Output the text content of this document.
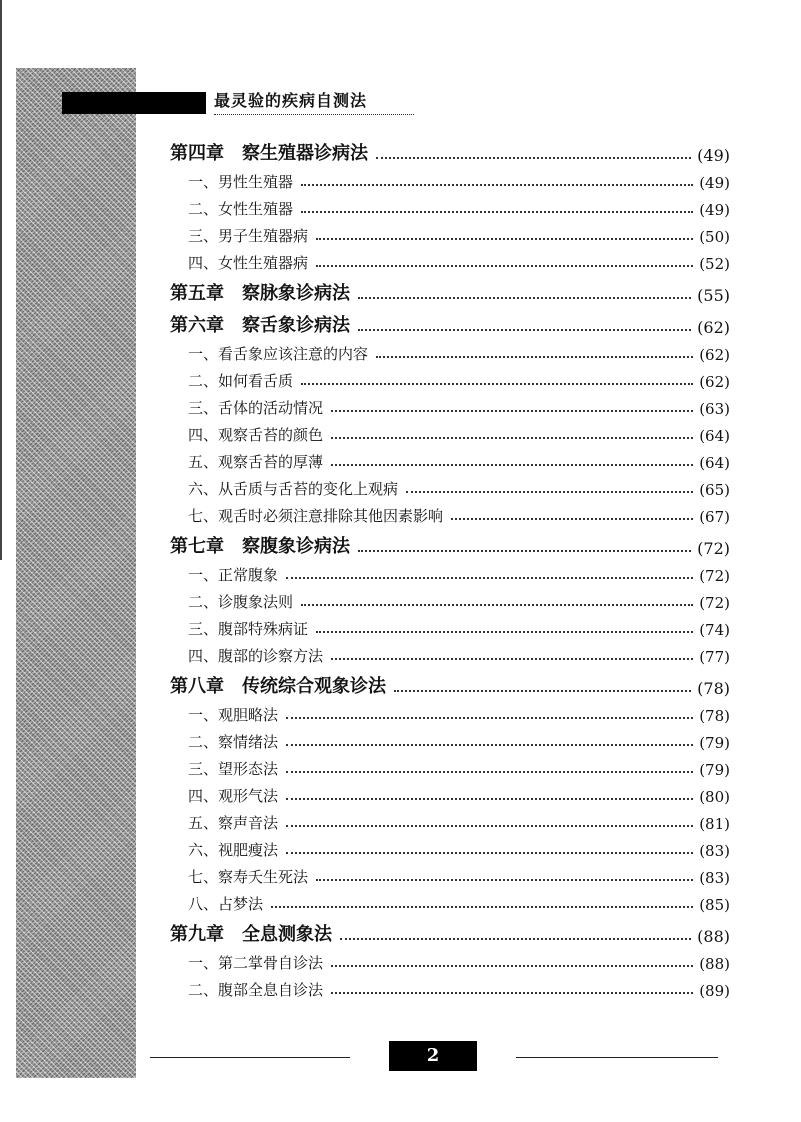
最灵验的疾病自测法
第四章 察生殖器诊病法	(49)
一、男性生殖器	(49)
二、女性生殖器	(49)
三、男子生殖器病	(50)
四、女性生殖器病	(52)
第五章 察脉象诊病法	(55)
第六章 察舌象诊病法	(62)
一、看舌象应该注意的内容	(62)
二、如何看舌质	(62)
三、舌体的活动情况	(63)
四、观察舌苔的颜色	(64)
五、观察舌苔的厚薄	(64)
六、从舌质与舌苔的变化上观病	(65)
七、观舌时必须注意排除其他因素影响	(67)
第七章 察腹象诊病法	(72)
一、正常腹象	(72)
二、诊腹象法则	(72)
三、腹部特殊病证	(74)
四、腹部的诊察方法	(77)
第八章 传统综合观象诊法	(78)
一、观胆略法	(78)
二、察情绪法	(79)
三、望形态法	(79)
四、观形气法	(80)
五、察声音法	(81)
六、视肥瘦法	(83)
七、察寿夭生死法	(83)
八、占梦法	(85)
第九章 全息测象法	(88)
一、第二掌骨自诊法	(88)
二、腹部全息自诊法	(89)
2
